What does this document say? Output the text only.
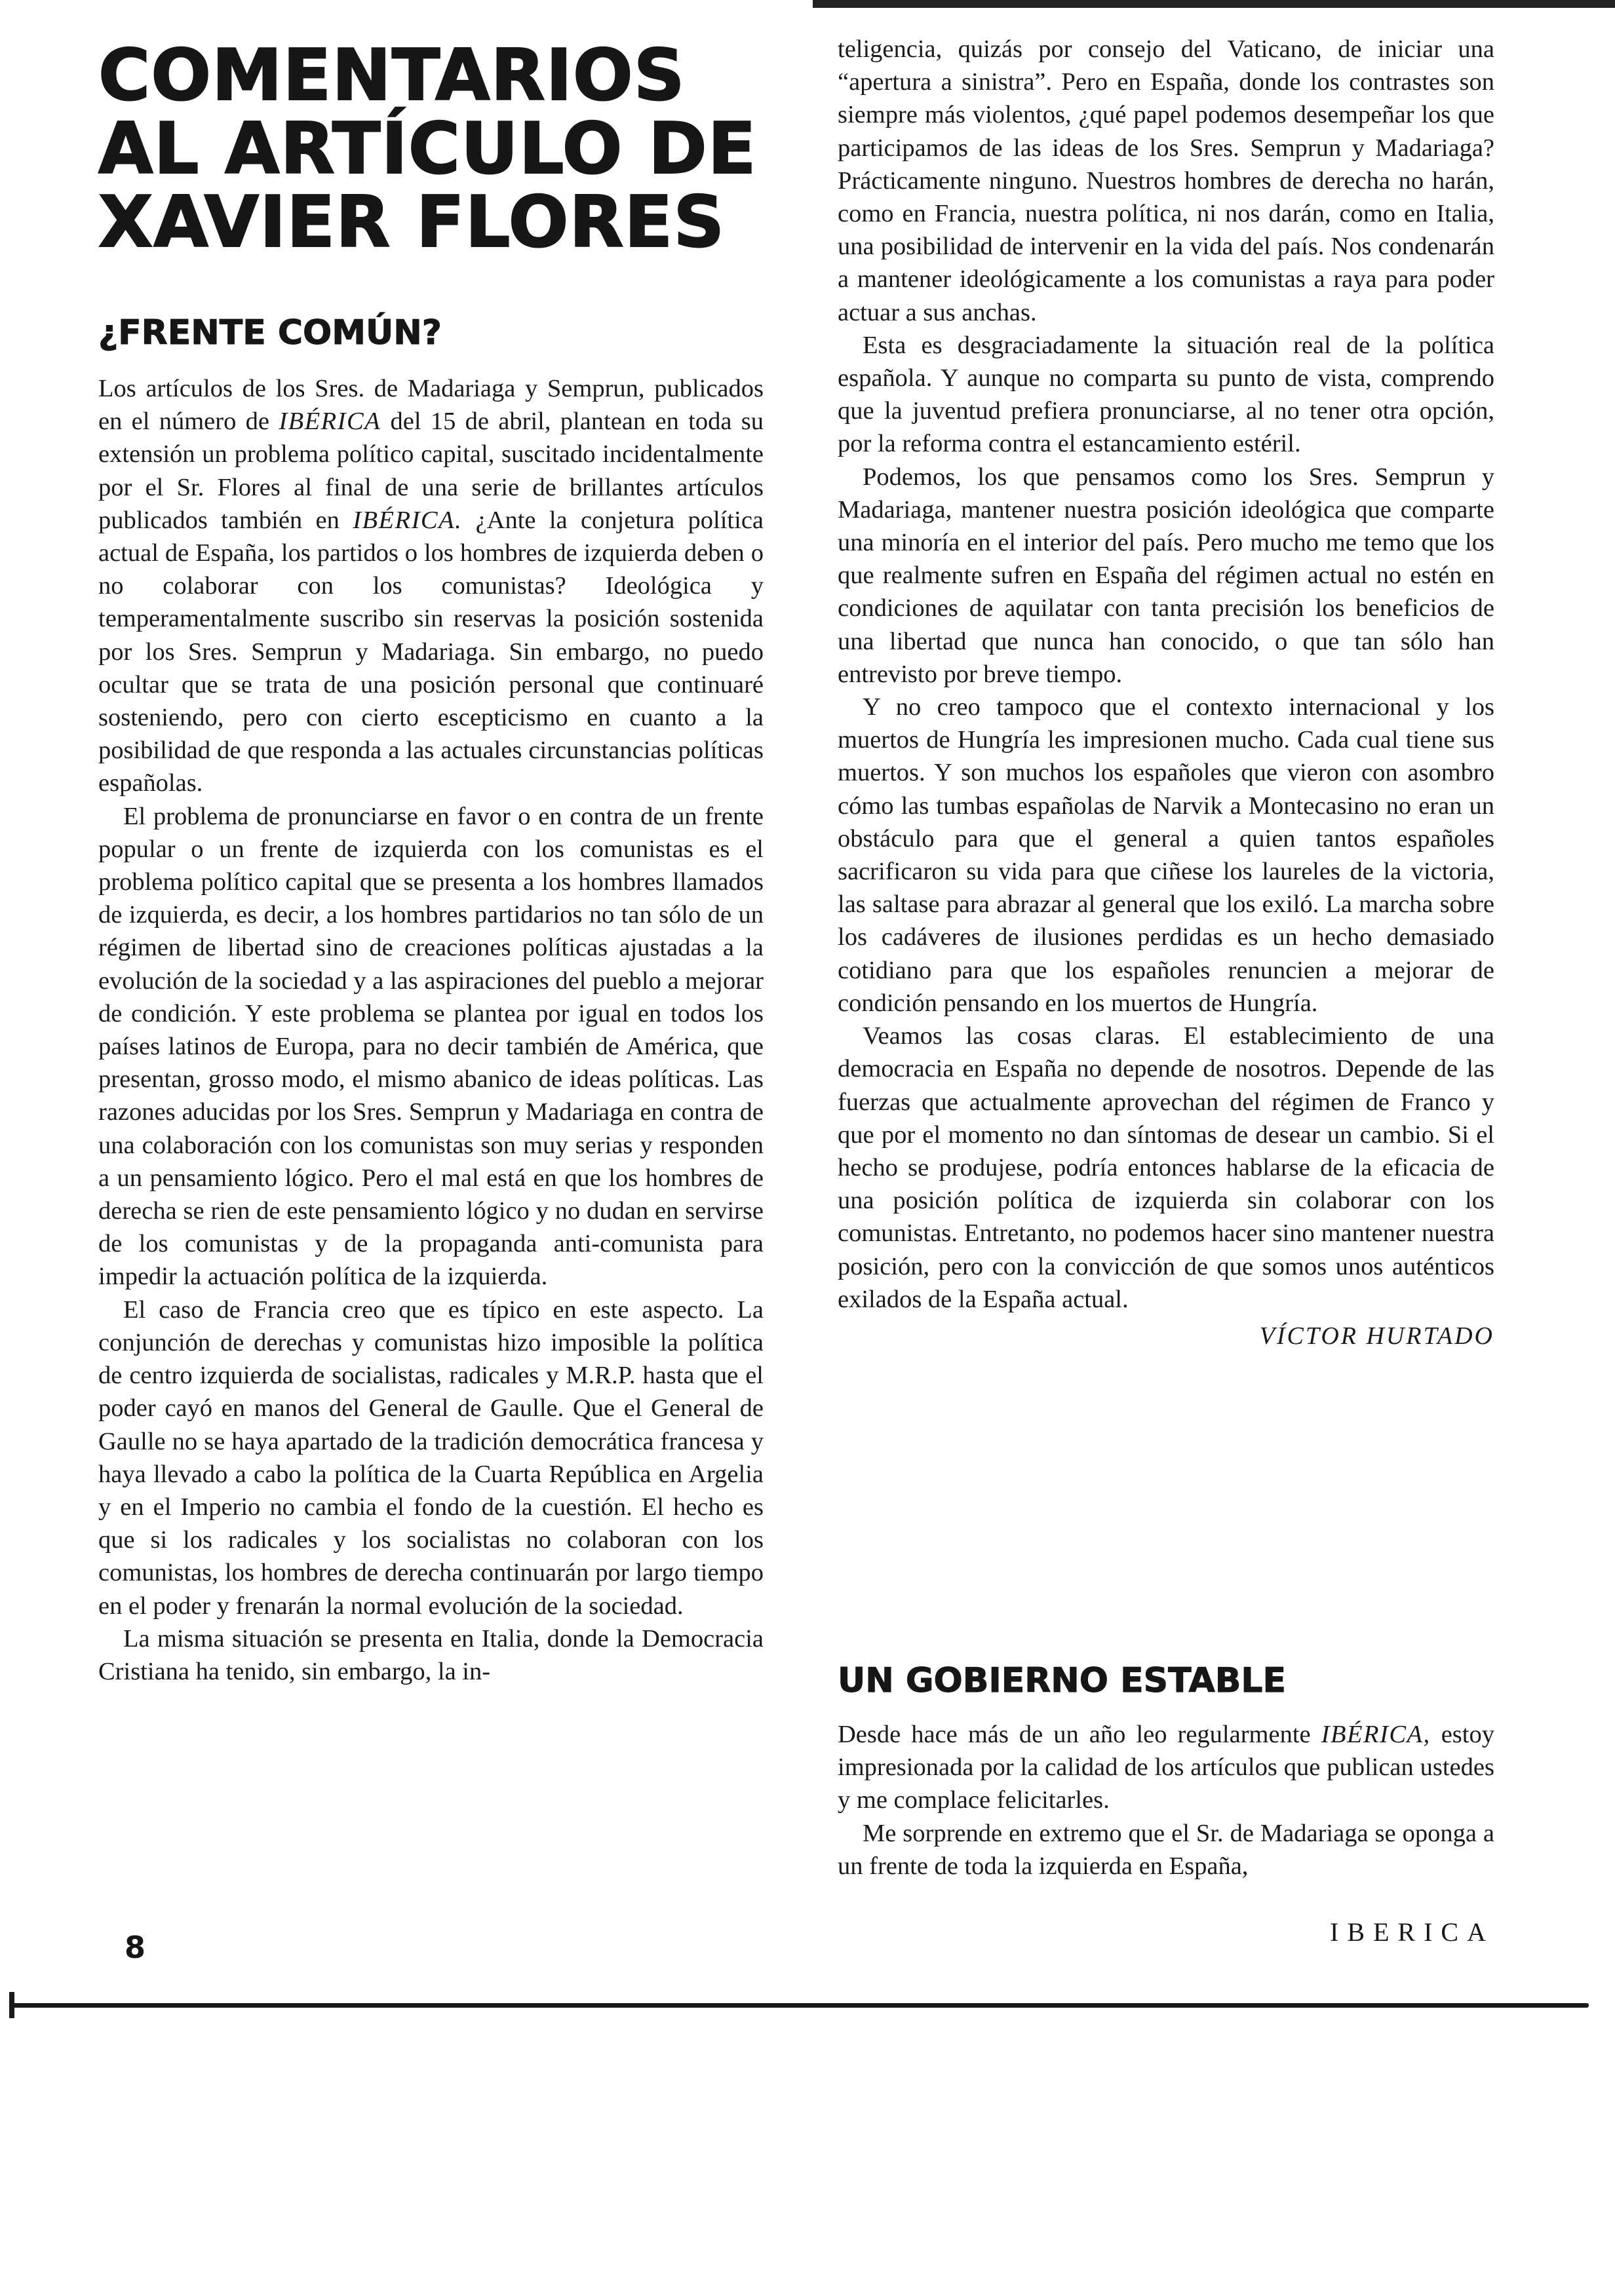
COMENTARIOS AL ARTÍCULO DE XAVIER FLORES
¿FRENTE COMÚN?

Los artículos de los Sres. de Madariaga y Semprun, publicados en el número de IBÉRICA del 15 de abril, plantean en toda su extensión un problema político capital, suscitado incidentalmente por el Sr. Flores al final de una serie de brillantes artículos publicados también en IBÉRICA. ¿Ante la conjetura política actual de España, los partidos o los hombres de izquierda deben o no colaborar con los comunistas? Ideológica y temperamentalmente suscribo sin reservas la posición sostenida por los Sres. Semprun y Madariaga. Sin embargo, no puedo ocultar que se trata de una posición personal que continuaré sosteniendo, pero con cierto escepticismo en cuanto a la posibilidad de que responda a las actuales circunstancias políticas españolas.

El problema de pronunciarse en favor o en contra de un frente popular o un frente de izquierda con los comunistas es el problema político capital que se presenta a los hombres llamados de izquierda, es decir, a los hombres partidarios no tan sólo de un régimen de libertad sino de creaciones políticas ajustadas a la evolución de la sociedad y a las aspiraciones del pueblo a mejorar de condición. Y este problema se plantea por igual en todos los países latinos de Europa, para no decir también de América, que presentan, grosso modo, el mismo abanico de ideas políticas. Las razones aducidas por los Sres. Semprun y Madariaga en contra de una colaboración con los comunistas son muy serias y responden a un pensamiento lógico. Pero el mal está en que los hombres de derecha se rien de este pensamiento lógico y no dudan en servirse de los comunistas y de la propaganda anti-comunista para impedir la actuación política de la izquierda.

El caso de Francia creo que es típico en este aspecto. La conjunción de derechas y comunistas hizo imposible la política de centro izquierda de socialistas, radicales y M.R.P. hasta que el poder cayó en manos del General de Gaulle. Que el General de Gaulle no se haya apartado de la tradición democrática francesa y haya llevado a cabo la política de la Cuarta República en Argelia y en el Imperio no cambia el fondo de la cuestión. El hecho es que si los radicales y los socialistas no colaboran con los comunistas, los hombres de derecha continuarán por largo tiempo en el poder y frenarán la normal evolución de la sociedad.

La misma situación se presenta en Italia, donde la Democracia Cristiana ha tenido, sin embargo, la in-

teligencia, quizás por consejo del Vaticano, de iniciar una “apertura a sinistra”. Pero en España, donde los contrastes son siempre más violentos, ¿qué papel podemos desempeñar los que participamos de las ideas de los Sres. Semprun y Madariaga? Prácticamente ninguno. Nuestros hombres de derecha no harán, como en Francia, nuestra política, ni nos darán, como en Italia, una posibilidad de intervenir en la vida del país. Nos condenarán a mantener ideológicamente a los comunistas a raya para poder actuar a sus anchas.

Esta es desgraciadamente la situación real de la política española. Y aunque no comparta su punto de vista, comprendo que la juventud prefiera pronunciarse, al no tener otra opción, por la reforma contra el estancamiento estéril.

Podemos, los que pensamos como los Sres. Semprun y Madariaga, mantener nuestra posición ideológica que comparte una minoría en el interior del país. Pero mucho me temo que los que realmente sufren en España del régimen actual no estén en condiciones de aquilatar con tanta precisión los beneficios de una libertad que nunca han conocido, o que tan sólo han entrevisto por breve tiempo.

Y no creo tampoco que el contexto internacional y los muertos de Hungría les impresionen mucho. Cada cual tiene sus muertos. Y son muchos los españoles que vieron con asombro cómo las tumbas españolas de Narvik a Montecasino no eran un obstáculo para que el general a quien tantos españoles sacrificaron su vida para que ciñese los laureles de la victoria, las saltase para abrazar al general que los exiló. La marcha sobre los cadáveres de ilusiones perdidas es un hecho demasiado cotidiano para que los españoles renuncien a mejorar de condición pensando en los muertos de Hungría.

Veamos las cosas claras. El establecimiento de una democracia en España no depende de nosotros. Depende de las fuerzas que actualmente aprovechan del régimen de Franco y que por el momento no dan síntomas de desear un cambio. Si el hecho se produjese, podría entonces hablarse de la eficacia de una posición política de izquierda sin colaborar con los comunistas. Entretanto, no podemos hacer sino mantener nuestra posición, pero con la convicción de que somos unos auténticos exilados de la España actual.

VÍCTOR HURTADO

UN GOBIERNO ESTABLE

Desde hace más de un año leo regularmente IBÉRICA, estoy impresionada por la calidad de los artículos que publican ustedes y me complace felicitarles.

Me sorprende en extremo que el Sr. de Madariaga se oponga a un frente de toda la izquierda en España,

8	IBERICA
